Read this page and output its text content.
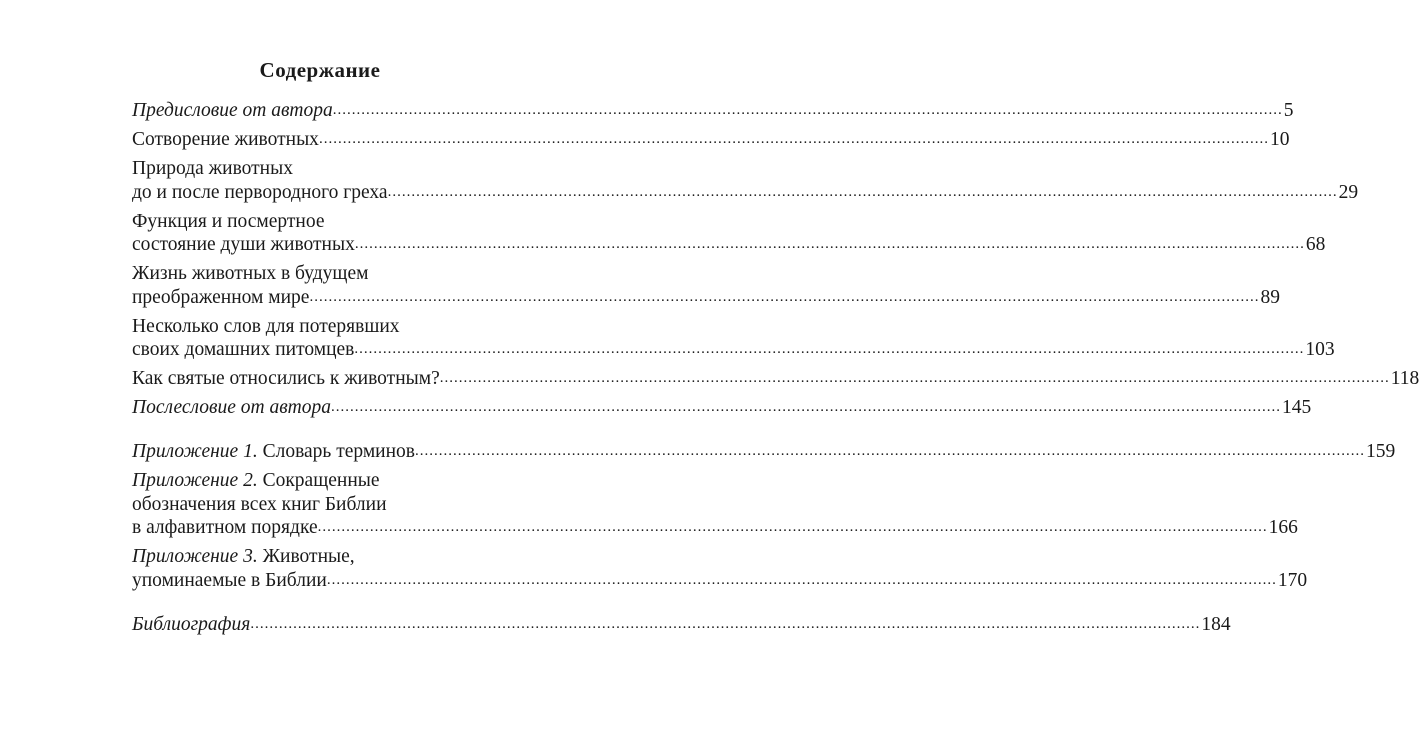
Содержание
Предисловие от автора ........................................................................................................................................................................................................ 5
Сотворение животных ........................................................................................................................................................................................................ 10
Природа животных
до и после первородного греха ........................................................................................................................................................................................................ 29
Функция и посмертное
состояние души животных ........................................................................................................................................................................................................ 68
Жизнь животных в будущем
преображенном мире ........................................................................................................................................................................................................ 89
Несколько слов для потерявших
своих домашних питомцев ........................................................................................................................................................................................................ 103
Как святые относились к животным? ........................................................................................................................................................................................................ 118
Послесловие от автора ........................................................................................................................................................................................................ 145
Приложение 1. Словарь терминов ........................................................................................................................................................................................................ 159
Приложение 2. Сокращенные
обозначения всех книг Библии
в алфавитном порядке ........................................................................................................................................................................................................ 166
Приложение 3. Животные,
упоминаемые в Библии ........................................................................................................................................................................................................ 170
Библиография ........................................................................................................................................................................................................ 184
